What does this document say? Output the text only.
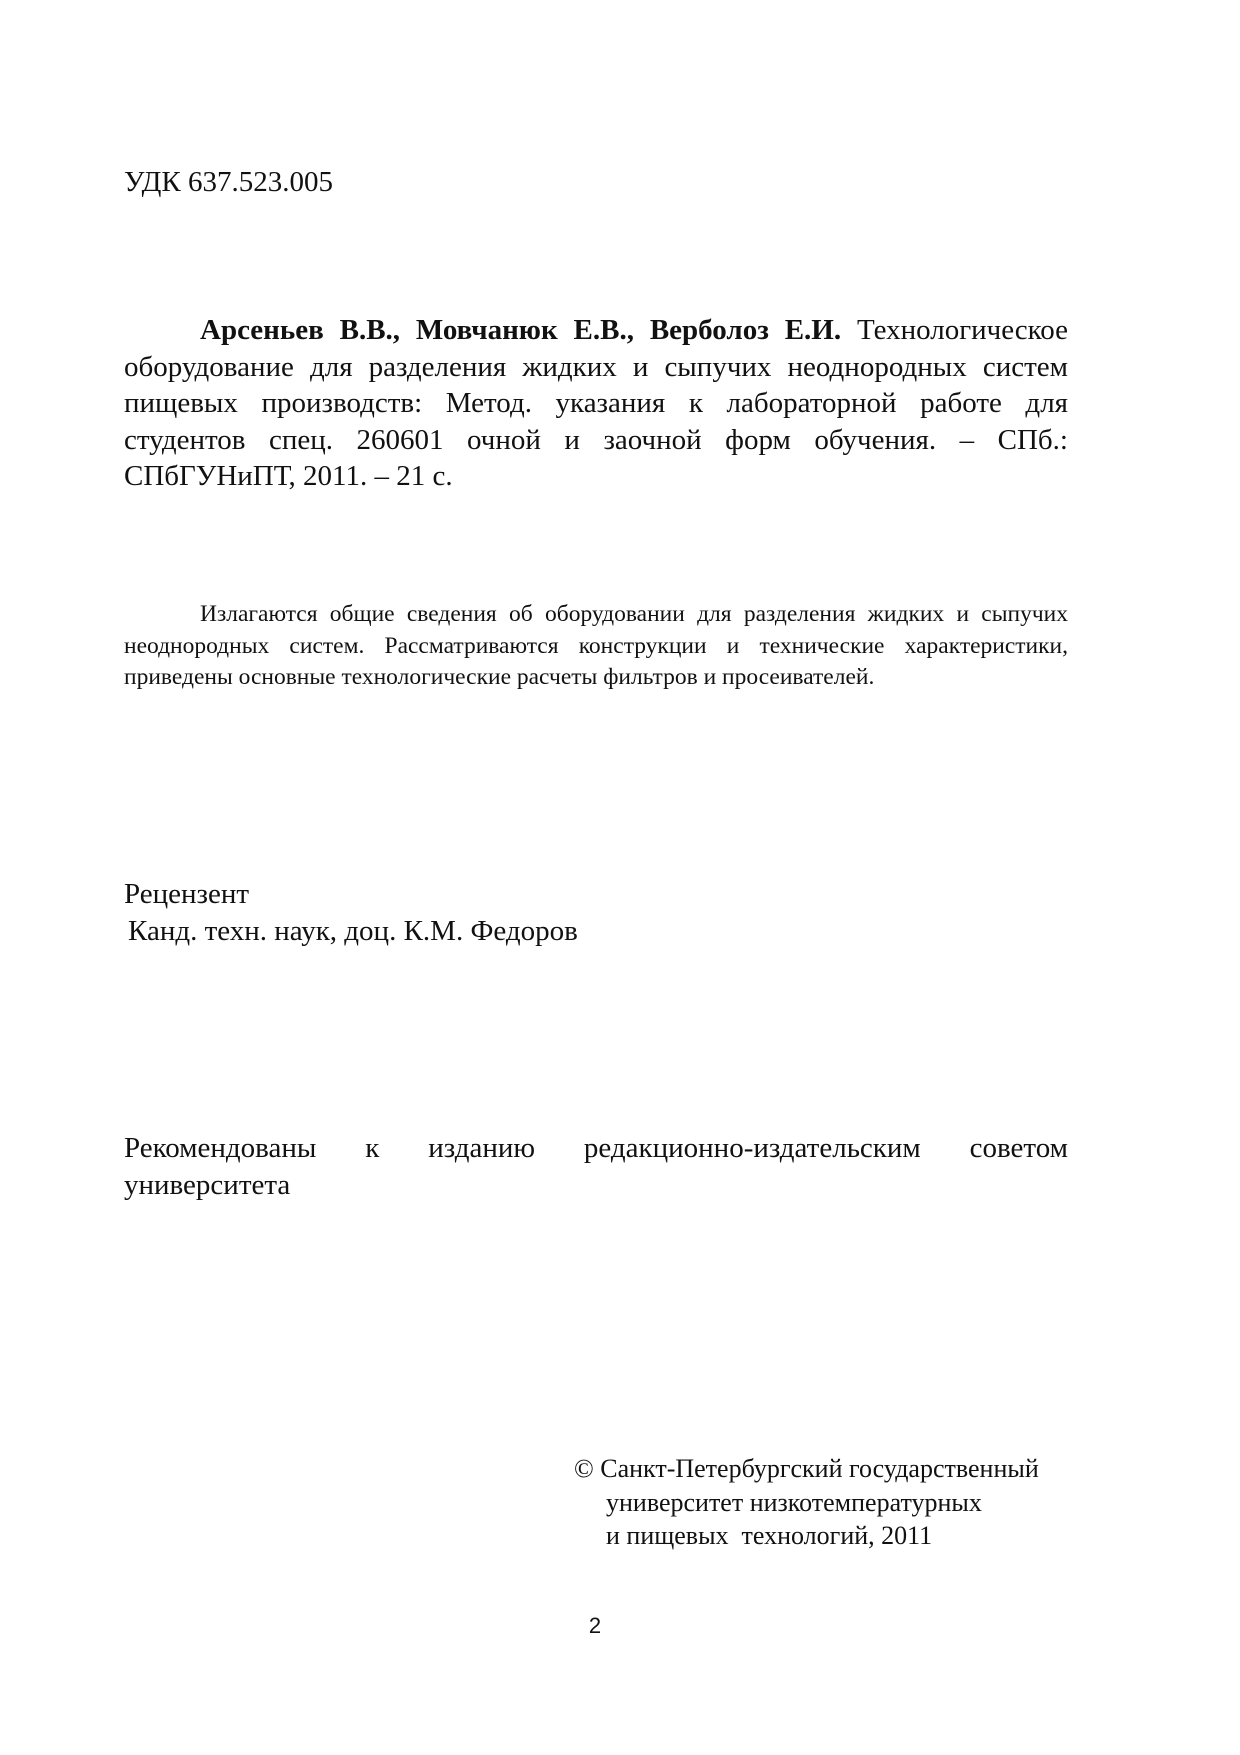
УДК 637.523.005

Арсеньев В.В., Мовчанюк Е.В., Верболоз Е.И. Технологическое оборудование для разделения жидких и сыпучих неоднородных систем пищевых производств: Метод. указания к лабораторной работе для студентов спец. 260601 очной и заочной форм обучения. – СПб.: СПбГУНиПТ, 2011. – 21 с.

Излагаются общие сведения об оборудовании для разделения жидких и сыпучих неоднородных систем. Рассматриваются конструкции и технические характеристики, приведены основные технологические расчеты фильтров и просеивателей.

Рецензент
Канд. техн. наук, доц. К.М. Федоров

Рекомендованы к изданию редакционно-издательским советом университета

© Санкт-Петербургский государственный
университет низкотемпературных
и пищевых  технологий, 2011
2
